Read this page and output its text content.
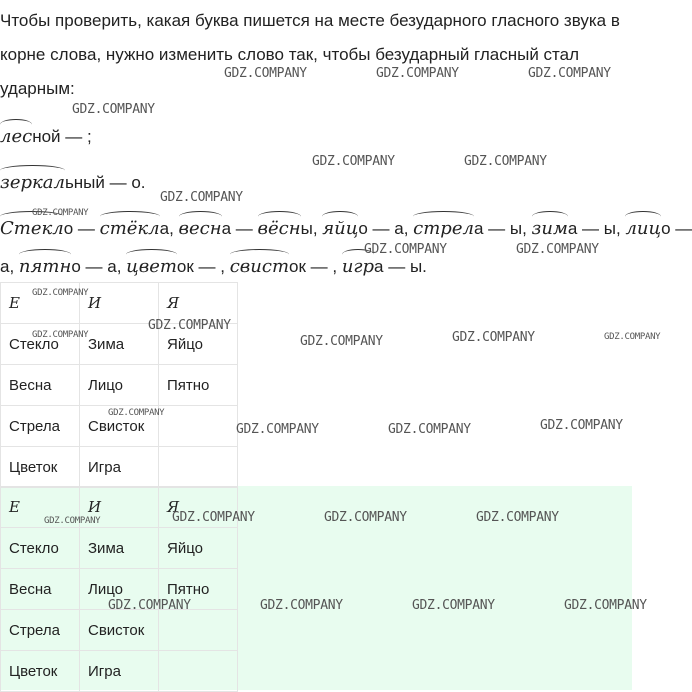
Чтобы проверить, какая буква пишется на месте безударного гласного звука в
корне слова, нужно изменить слово так, чтобы безударный гласный стал
ударным:
лесной — ;
зеркальный — о.
Стекло — стёкла, весна — вёсны, яйцо — а, стрела — ы, зима — ы, лицо —
а, пятно — а, цветок — , свисток — , игра — ы.
Е	И	Я
Стекло	Зима	Яйцо
Весна	Лицо	Пятно
Стрела	Свисток	
Цветок	Игра	
Е	И	Я
Стекло	Зима	Яйцо
Весна	Лицо	Пятно
Стрела	Свисток	
Цветок	Игра	
GDZ.COMPANY	GDZ.COMPANY	GDZ.COMPANY
GDZ.COMPANY
GDZ.COMPANY	GDZ.COMPANY
GDZ.COMPANY
GDZ.COMPANY
GDZ.COMPANY	GDZ.COMPANY
GDZ.COMPANY
GDZ.COMPANY
GDZ.COMPANY	GDZ.COMPANY	GDZ.COMPANY	GDZ.COMPANY
GDZ.COMPANY
GDZ.COMPANY	GDZ.COMPANY	GDZ.COMPANY
GDZ.COMPANY	GDZ.COMPANY	GDZ.COMPANY	GDZ.COMPANY
GDZ.COMPANY	GDZ.COMPANY	GDZ.COMPANY	GDZ.COMPANY
